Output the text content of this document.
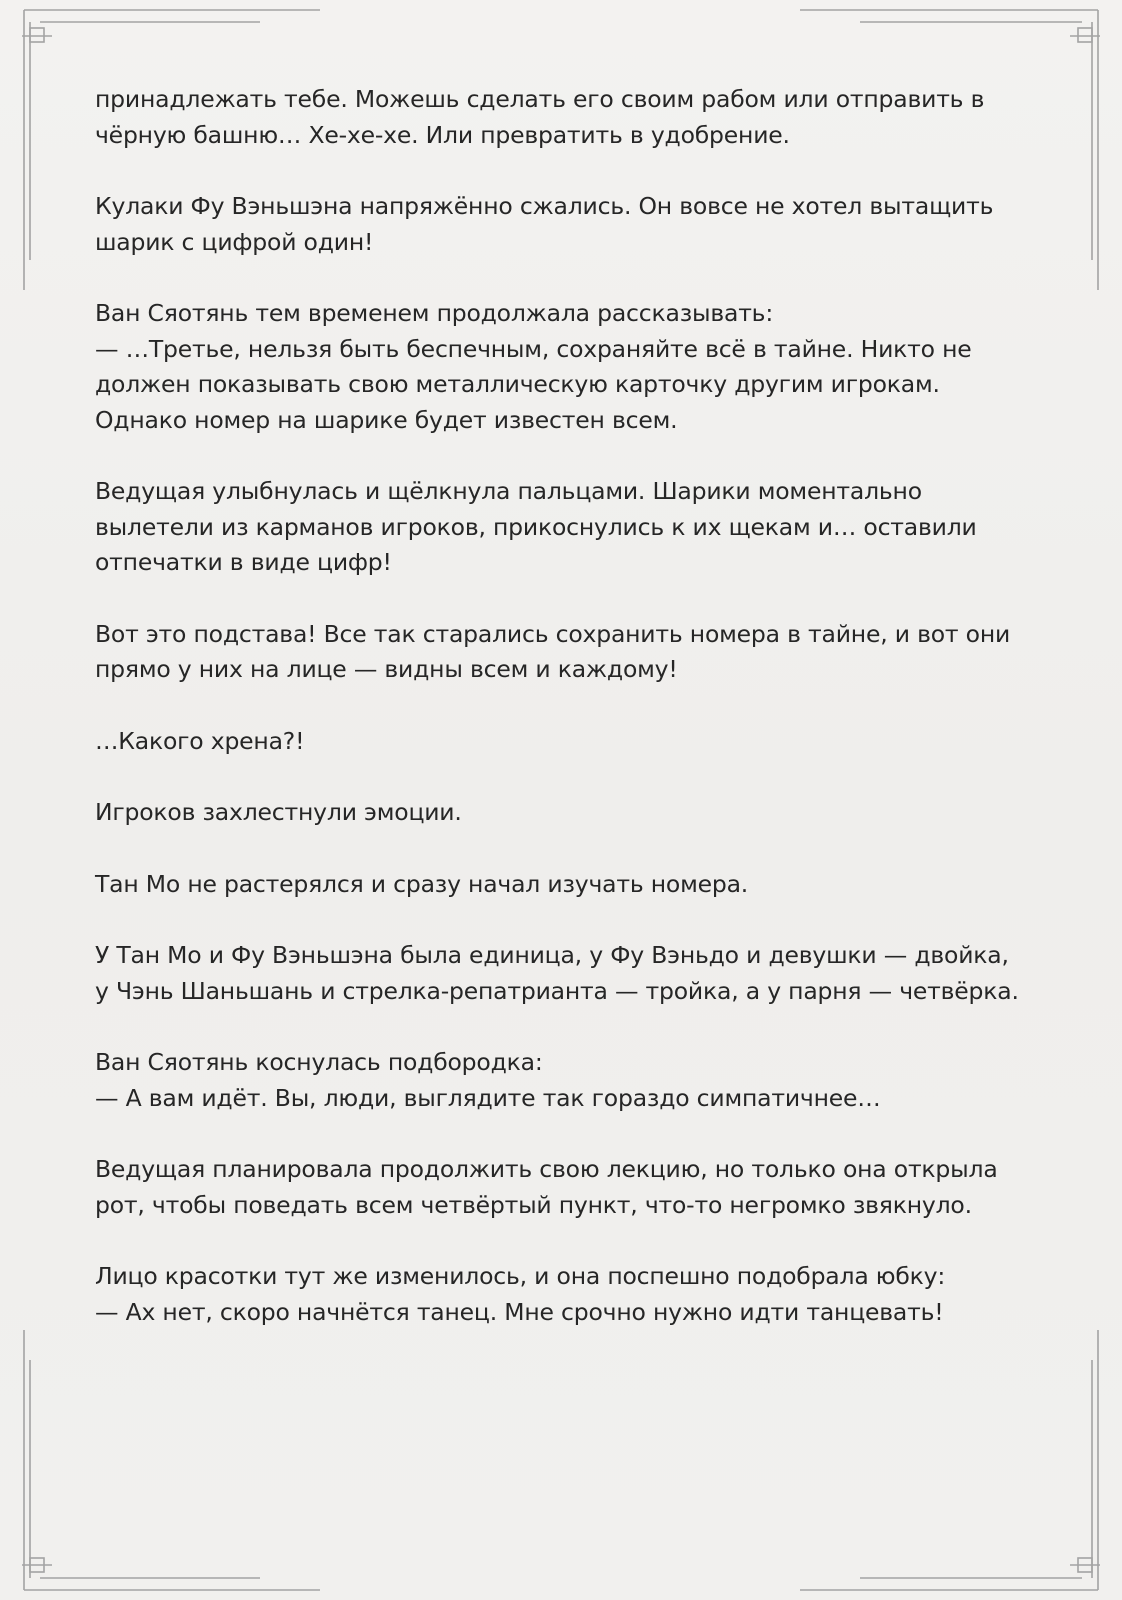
принадлежать тебе. Можешь сделать его своим рабом или отправить в
чёрную башню… Хе-хе-хе. Или превратить в удобрение.

Кулаки Фу Вэньшэна напряжённо сжались. Он вовсе не хотел вытащить
шарик с цифрой один!

Ван Сяотянь тем временем продолжала рассказывать:
— …Третье, нельзя быть беспечным, сохраняйте всё в тайне. Никто не
должен показывать свою металлическую карточку другим игрокам.
Однако номер на шарике будет известен всем.

Ведущая улыбнулась и щёлкнула пальцами. Шарики моментально
вылетели из карманов игроков, прикоснулись к их щекам и… оставили
отпечатки в виде цифр!

Вот это подстава! Все так старались сохранить номера в тайне, и вот они
прямо у них на лице — видны всем и каждому!

…Какого хрена?!

Игроков захлестнули эмоции.

Тан Мо не растерялся и сразу начал изучать номера.

У Тан Мо и Фу Вэньшэна была единица, у Фу Вэньдо и девушки — двойка,
у Чэнь Шаньшань и стрелка-репатрианта — тройка, а у парня — четвёрка.

Ван Сяотянь коснулась подбородка:
— А вам идёт. Вы, люди, выглядите так гораздо симпатичнее…

Ведущая планировала продолжить свою лекцию, но только она открыла
рот, чтобы поведать всем четвёртый пункт, что-то негромко звякнуло.

Лицо красотки тут же изменилось, и она поспешно подобрала юбку:
— Ах нет, скоро начнётся танец. Мне срочно нужно идти танцевать!
